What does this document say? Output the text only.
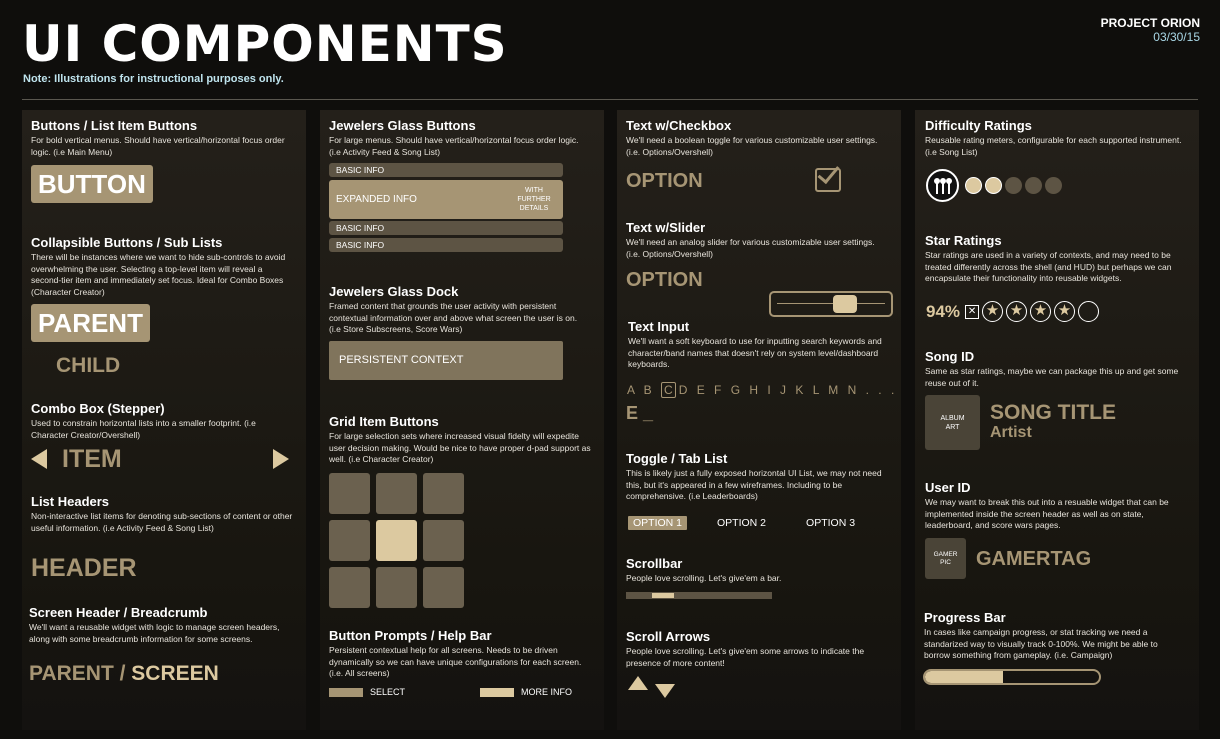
UI COMPONENTS
Note: Illustrations for instructional purposes only.
PROJECT ORION
03/30/15
Buttons / List Item Buttons
For bold vertical menus. Should have vertical/horizontal focus order logic. (i.e Main Menu)
BUTTON
Collapsible Buttons / Sub Lists
There will be instances where we want to hide sub-controls to avoid overwhelming the user. Selecting a top-level item will reveal a second-tier item and immediately set focus. Ideal for Combo Boxes (Character Creator)
PARENT
CHILD
Combo Box (Stepper)
Used to constrain horizontal lists into a smaller footprint. (i.e Character Creator/Overshell)
ITEM
List Headers
Non-interactive list items for denoting sub-sections of content or other useful information. (i.e Activity Feed & Song List)
HEADER
Screen Header / Breadcrumb
We'll want a reusable widget with logic to manage screen headers, along with some breadcrumb information for some screens.
PARENT / SCREEN
Jewelers Glass Buttons
For large menus. Should have vertical/horizontal focus order logic. (i.e Activity Feed & Song List)
BASIC INFO
EXPANDED INFO
WITH FURTHER DETAILS
BASIC INFO
BASIC INFO
Jewelers Glass Dock
Framed content that grounds the user activity with persistent contextual information over and above what screen the user is on. (i.e Store Subscreens, Score Wars)
PERSISTENT CONTEXT
Grid Item Buttons
For large selection sets where increased visual fidelty will expedite user decision making. Would be nice to have proper d-pad support as well. (i.e Character Creator)
Button Prompts / Help Bar
Persistent contextual help for all screens. Needs to be driven dynamically so we can have unique configurations for each screen. (i.e. All screens)
SELECT	MORE INFO
Text w/Checkbox
We'll need a boolean toggle for various customizable user settings. (i.e. Options/Overshell)
OPTION
Text w/Slider
We'll need an analog slider for various customizable user settings. (i.e. Options/Overshell)
OPTION
Text Input
We'll want a soft keyboard to use for inputting search keywords and character/band names that doesn't rely on system level/dashboard keyboards.
A B C D E F G H I J K L M N . . .
E _
Toggle / Tab List
This is likely just a fully exposed horizontal UI List, we may not need this, but it's appeared in a few wireframes. Including to be comprehensive. (i.e Leaderboards)
OPTION 1	OPTION 2	OPTION 3
Scrollbar
People love scrolling. Let's give'em a bar.
Scroll Arrows
People love scrolling. Let's give'em some arrows to indicate the presence of more content!
Difficulty Ratings
Reusable rating meters, configurable for each supported instrument. (i.e Song List)
Star Ratings
Star ratings are used in a variety of contexts, and may need to be treated differently across the shell (and HUD) but perhaps we can encapsulate their functionality into reusable widgets.
94% ✕ ★ ★ ★ ★
Song ID
Same as star ratings, maybe we can package this up and get some reuse out of it.
ALBUM
ART
SONG TITLE
Artist
User ID
We may want to break this out into a resuable widget that can be implemented inside the screen header as well as on state, leaderboard, and score wars pages.
GAMER
PIC	GAMERTAG
Progress Bar
In cases like campaign progress, or stat tracking we need a standarized way to visually track 0-100%. We might be able to borrow something from gameplay. (i.e. Campaign)
